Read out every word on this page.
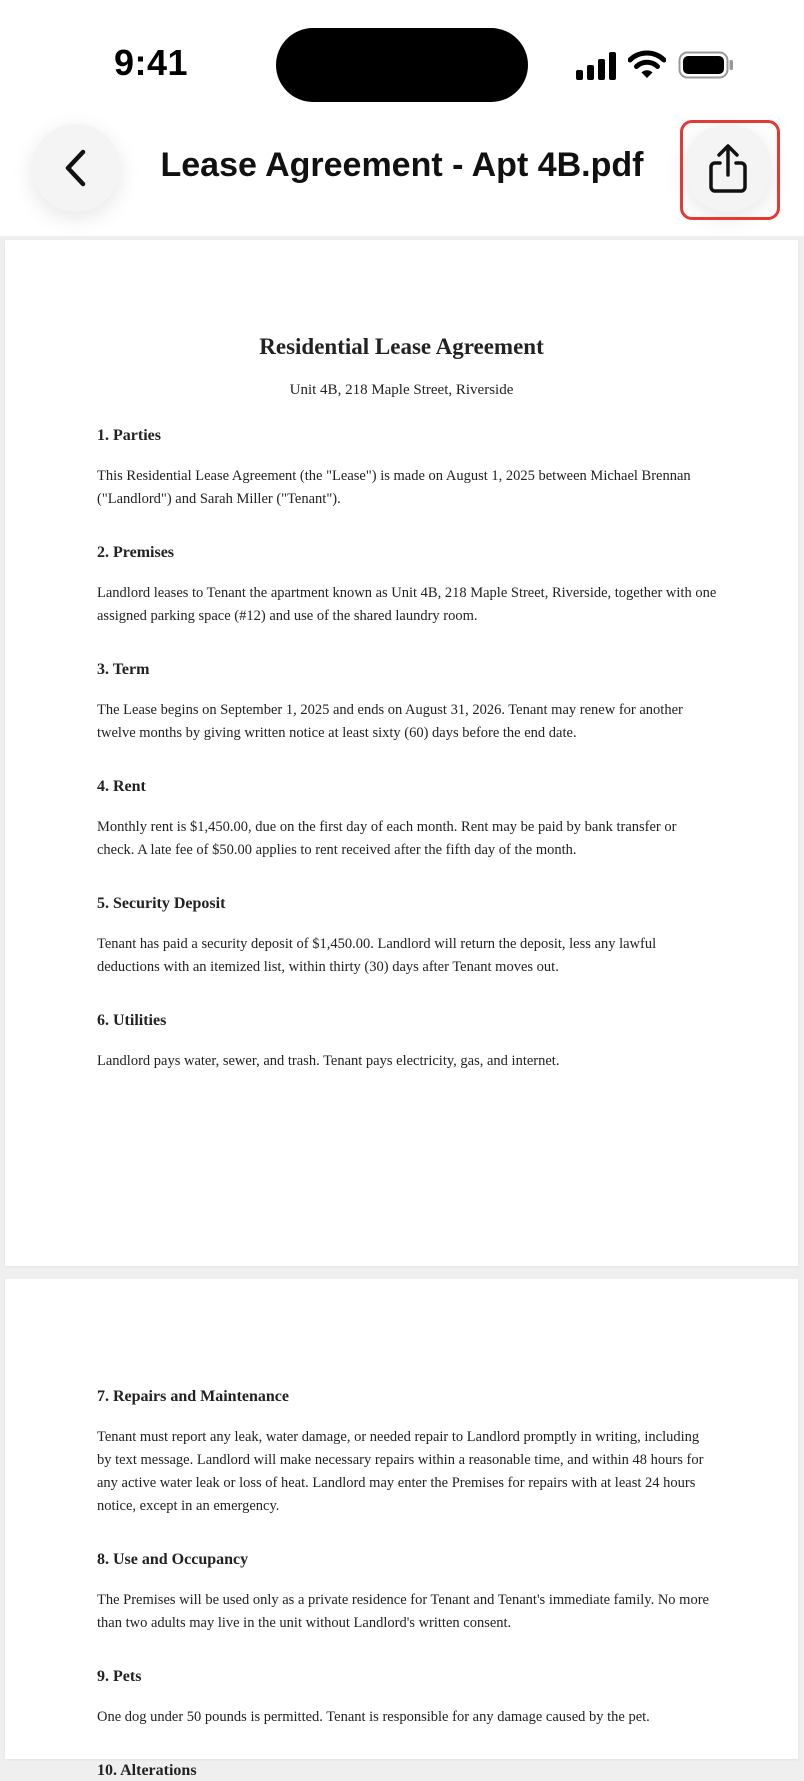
9:41
Lease Agreement - Apt 4B.pdf
Residential Lease Agreement
Unit 4B, 218 Maple Street, Riverside
1. Parties

This Residential Lease Agreement (the "Lease") is made on August 1, 2025 between Michael Brennan ("Landlord") and Sarah Miller ("Tenant").

2. Premises

Landlord leases to Tenant the apartment known as Unit 4B, 218 Maple Street, Riverside, together with one assigned parking space (#12) and use of the shared laundry room.

3. Term

The Lease begins on September 1, 2025 and ends on August 31, 2026. Tenant may renew for another twelve months by giving written notice at least sixty (60) days before the end date.

4. Rent

Monthly rent is $1,450.00, due on the first day of each month. Rent may be paid by bank transfer or check. A late fee of $50.00 applies to rent received after the fifth day of the month.

5. Security Deposit

Tenant has paid a security deposit of $1,450.00. Landlord will return the deposit, less any lawful deductions with an itemized list, within thirty (30) days after Tenant moves out.

6. Utilities

Landlord pays water, sewer, and trash. Tenant pays electricity, gas, and internet.

7. Repairs and Maintenance

Tenant must report any leak, water damage, or needed repair to Landlord promptly in writing, including by text message. Landlord will make necessary repairs within a reasonable time, and within 48 hours for any active water leak or loss of heat. Landlord may enter the Premises for repairs with at least 24 hours notice, except in an emergency.

8. Use and Occupancy

The Premises will be used only as a private residence for Tenant and Tenant's immediate family. No more than two adults may live in the unit without Landlord's written consent.

9. Pets

One dog under 50 pounds is permitted. Tenant is responsible for any damage caused by the pet.

10. Alterations
